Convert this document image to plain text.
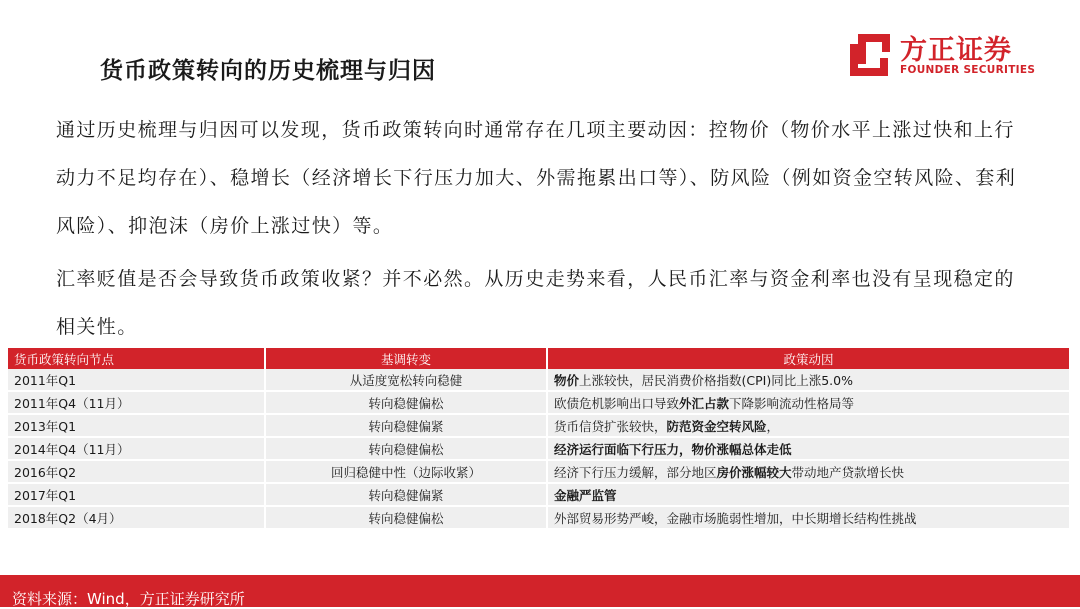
货币政策转向的历史梳理与归因
方正证券
FOUNDER SECURITIES
通过历史梳理与归因可以发现，货币政策转向时通常存在几项主要动因：控物价（物价水平上涨过快和上行动力不足均存在）、稳增长（经济增长下行压力加大、外需拖累出口等）、防风险（例如资金空转风险、套利风险）、抑泡沫（房价上涨过快）等。
汇率贬值是否会导致货币政策收紧？并不必然。从历史走势来看，人民币汇率与资金利率也没有呈现稳定的相关性。
货币政策转向节点	基调转变	政策动因
2011年Q1	从适度宽松转向稳健	物价上涨较快，居民消费价格指数(CPI)同比上涨5.0%
2011年Q4（11月）	转向稳健偏松	欧债危机影响出口导致外汇占款下降影响流动性格局等
2013年Q1	转向稳健偏紧	货币信贷扩张较快，防范资金空转风险，
2014年Q4（11月）	转向稳健偏松	经济运行面临下行压力，物价涨幅总体走低
2016年Q2	回归稳健中性（边际收紧）	经济下行压力缓解，部分地区房价涨幅较大带动地产贷款增长快
2017年Q1	转向稳健偏紧	金融严监管
2018年Q2（4月）	转向稳健偏松	外部贸易形势严峻，金融市场脆弱性增加，中长期增长结构性挑战
资料来源：Wind，方正证券研究所
